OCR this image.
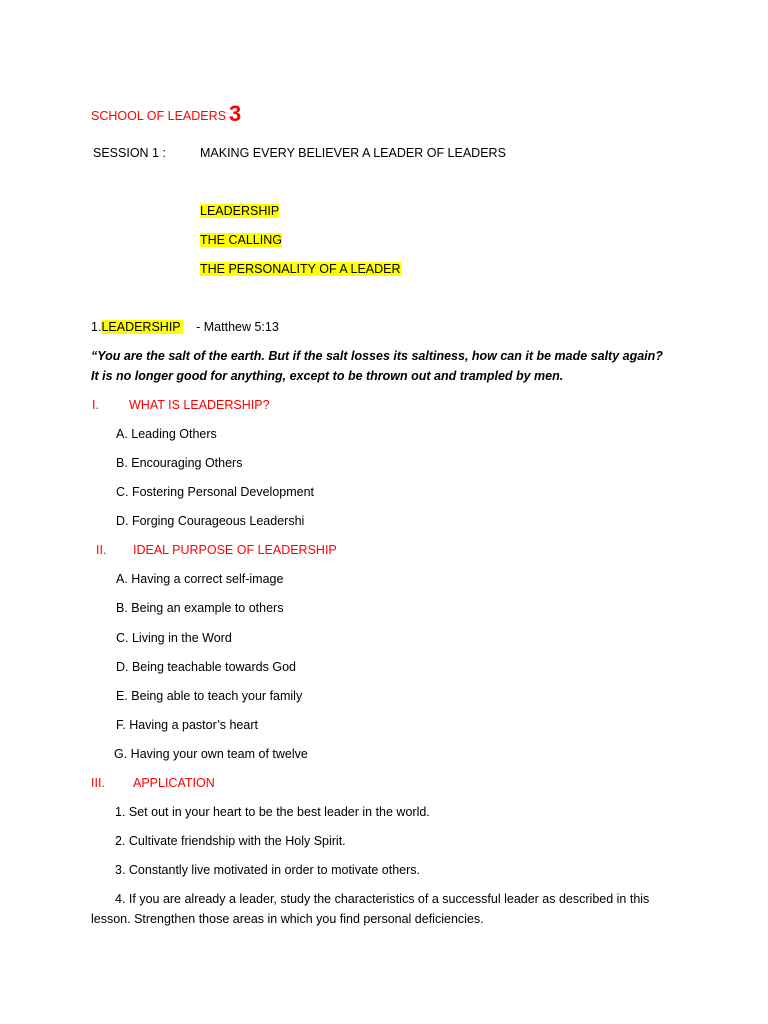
SCHOOL OF LEADERS 3
SESSION 1 :	MAKING EVERY BELIEVER A LEADER OF LEADERS
LEADERSHIP
THE CALLING
THE PERSONALITY OF A LEADER
1.LEADERSHIP - Matthew 5:13
“You are the salt of the earth. But if the salt losses its saltiness, how can it be made salty again? It is no longer good for anything, except to be thrown out and trampled by men.
I. WHAT IS LEADERSHIP?
A. Leading Others
B. Encouraging Others
C. Fostering Personal Development
D. Forging Courageous Leadershi
II. IDEAL PURPOSE OF LEADERSHIP
A. Having a correct self-image
B. Being an example to others
C. Living in the Word
D. Being teachable towards God
E. Being able to teach your family
F. Having a pastor’s heart
G. Having your own team of twelve
III. APPLICATION
1. Set out in your heart to be the best leader in the world.
2. Cultivate friendship with the Holy Spirit.
3. Constantly live motivated in order to motivate others.
4. If you are already a leader, study the characteristics of a successful leader as described in this lesson. Strengthen those areas in which you find personal deficiencies.
